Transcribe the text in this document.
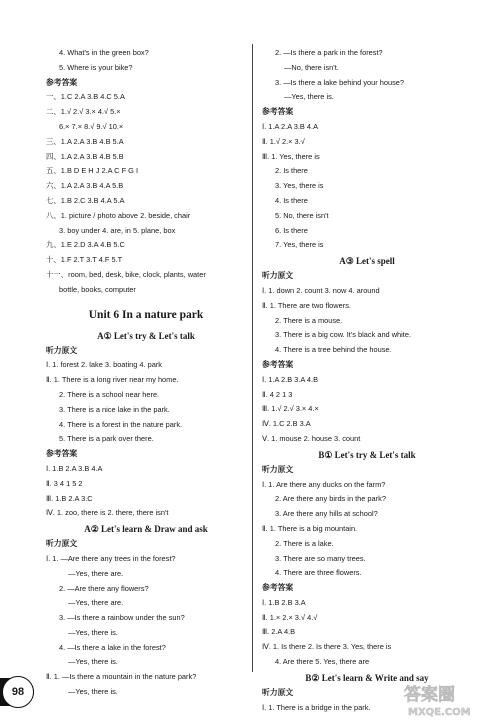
4. What's in the green box?
5. Where is your bike?
参考答案
一、1.C 2.A 3.B 4.C 5.A
二、1.√ 2.√ 3.× 4.√ 5.×
6.× 7.× 8.√ 9.√ 10.×
三、1.A 2.A 3.B 4.B 5.A
四、1.A 2.A 3.B 4.B 5.B
五、1.B D E H J 2.A C F G I
六、1.A 2.A 3.B 4.A 5.B
七、1.B 2.C 3.B 4.A 5.A
八、1. picture / photo above 2. beside, chair
3. boy under 4. are, in 5. plane, box
九、1.E 2.D 3.A 4.B 5.C
十、1.F 2.T 3.T 4.F 5.T
十一、room, bed, desk, bike, clock, plants, water
bottle, books, computer
Unit 6 In a nature park
A① Let's try & Let's talk
听力原文
Ⅰ. 1. forest 2. lake 3. boating 4. park
Ⅱ. 1. There is a long river near my home.
2. There is a school near here.
3. There is a nice lake in the park.
4. There is a forest in the nature park.
5. There is a park over there.
参考答案
Ⅰ. 1.B 2.A 3.B 4.A
Ⅱ. 3 4 1 5 2
Ⅲ. 1.B 2.A 3.C
Ⅳ. 1. zoo, there is 2. there, there isn't
A② Let's learn & Draw and ask
听力原文
Ⅰ. 1. —Are there any trees in the forest?
—Yes, there are.
2. —Are there any flowers?
—Yes, there are.
3. —Is there a rainbow under the sun?
—Yes, there is.
4. —Is there a lake in the forest?
—Yes, there is.
Ⅱ. 1. —Is there a mountain in the nature park?
—Yes, there is.
2. —Is there a park in the forest?
—No, there isn't.
3. —Is there a lake behind your house?
—Yes, there is.
参考答案
Ⅰ. 1.A 2.A 3.B 4.A
Ⅱ. 1.√ 2.× 3.√
Ⅲ. 1. Yes, there is
2. Is there
3. Yes, there is
4. Is there
5. No, there isn't
6. Is there
7. Yes, there is
A③ Let's spell
听力原文
Ⅰ. 1. down 2. count 3. now 4. around
Ⅱ. 1. There are two flowers.
2. There is a mouse.
3. There is a big cow. It's black and white.
4. There is a tree behind the house.
参考答案
Ⅰ. 1.A 2.B 3.A 4.B
Ⅱ. 4 2 1 3
Ⅲ. 1.√ 2.√ 3.× 4.×
Ⅳ. 1.C 2.B 3.A
Ⅴ. 1. mouse 2. house 3. count
B① Let's try & Let's talk
听力原文
Ⅰ. 1. Are there any ducks on the farm?
2. Are there any birds in the park?
3. Are there any hills at school?
Ⅱ. 1. There is a big mountain.
2. There is a lake.
3. There are so many trees.
4. There are three flowers.
参考答案
Ⅰ. 1.B 2.B 3.A
Ⅱ. 1.× 2.× 3.√ 4.√
Ⅲ. 2.A 4.B
Ⅳ. 1. Is there 2. Is there 3. Yes, there is
4. Are there 5. Yes, there are
B② Let's learn & Write and say
听力原文
Ⅰ. 1. There is a bridge in the park.
98	答案圈
MXQE.COM
